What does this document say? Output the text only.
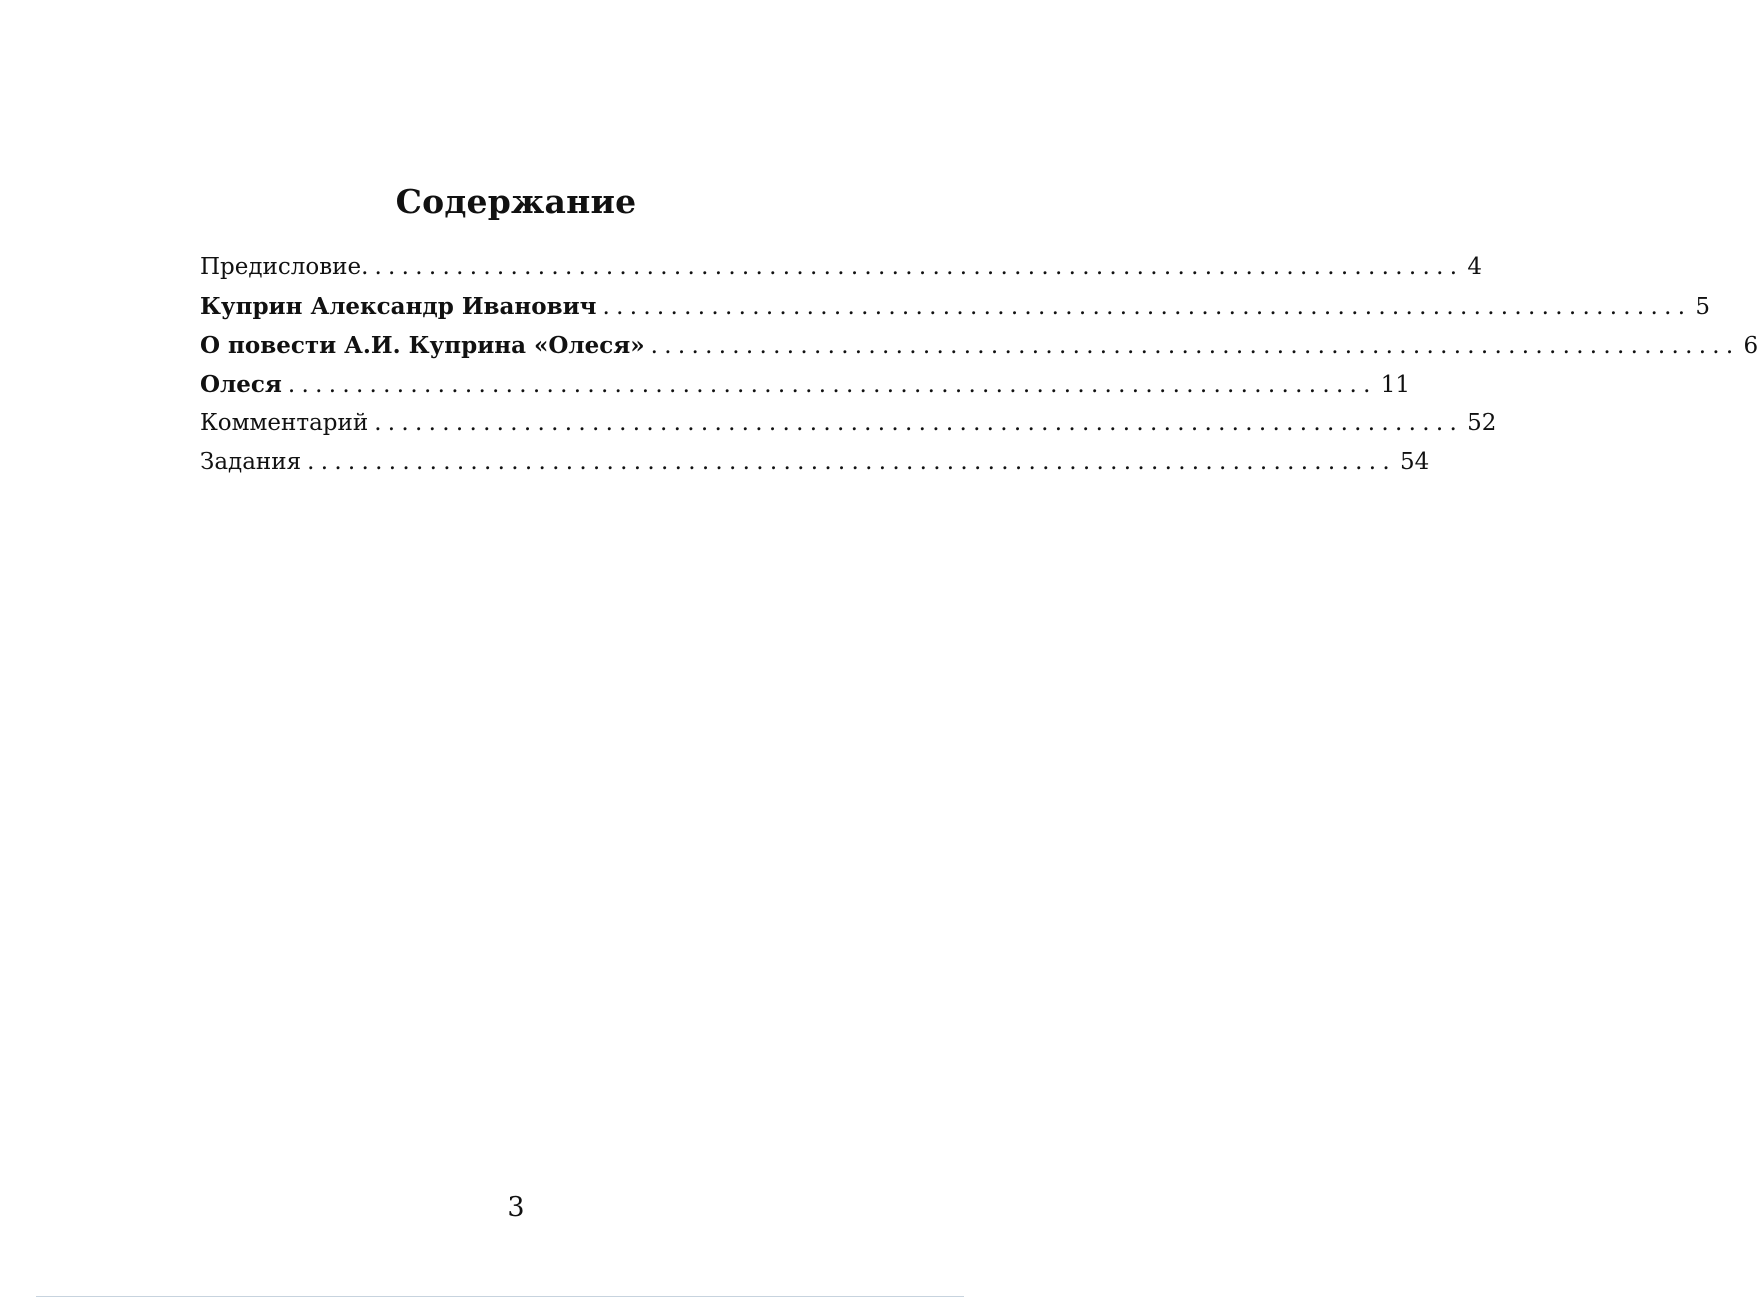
Содержание
Предисловие. ................................................................................ 4
Куприн Александр Иванович ................................................................................ 5
О повести А.И. Куприна «Олеся» ................................................................................ 6
Олеся ................................................................................ 11
Комментарий ................................................................................ 52
Задания ................................................................................ 54
3
